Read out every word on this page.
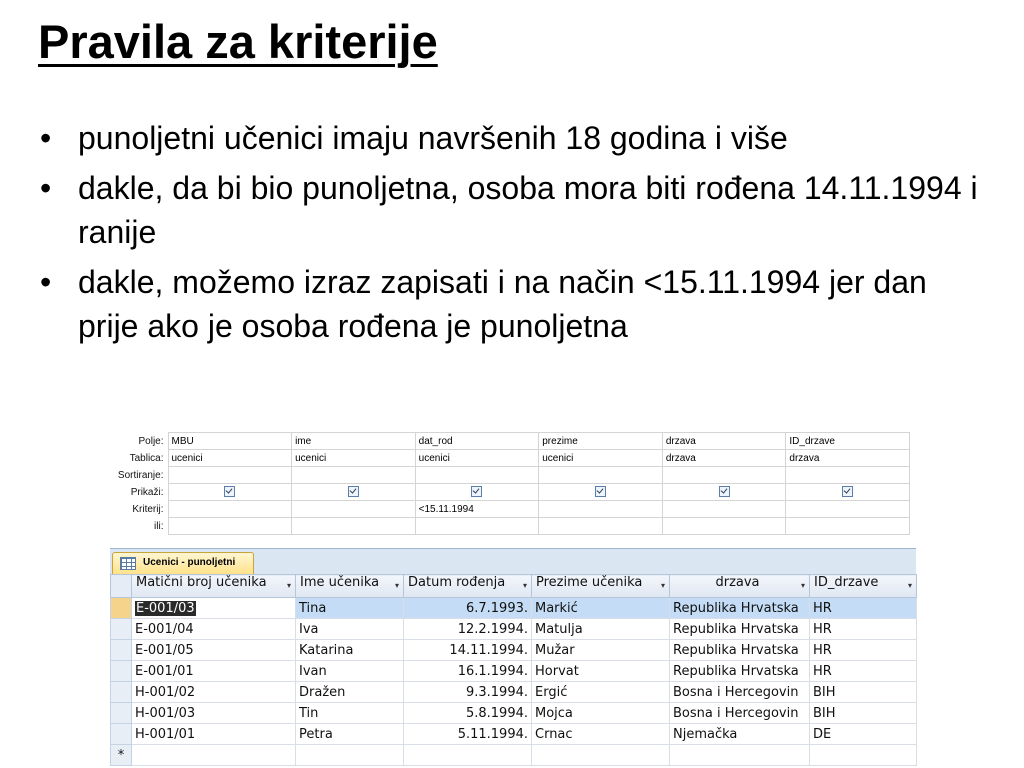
Pravila za kriterije
• punoljetni učenici imaju navršenih 18 godina i više
• dakle, da bi bio punoljetna, osoba mora biti rođena 14.11.1994 i ranije
• dakle, možemo izraz zapisati i na način <15.11.1994 jer dan prije ako je osoba rođena je punoljetna
Polje:	MBU	ime	dat_rod	prezime	drzava	ID_drzave
Tablica:	ucenici	ucenici	ucenici	ucenici	drzava	drzava
Sortiranje:						
Prikaži:						
Kriterij:			<15.11.1994			
ili:						
Ucenici - punoljetni
	Matični broj učenika ▾	Ime učenika ▾	Datum rođenja ▾	Prezime učenika ▾	drzava ▾	ID_drzave ▾

	E-001/03	Tina	6.7.1993.	Markić	Republika Hrvatska	HR
	E-001/04	Iva	12.2.1994.	Matulja	Republika Hrvatska	HR
	E-001/05	Katarina	14.11.1994.	Mužar	Republika Hrvatska	HR
	E-001/01	Ivan	16.1.1994.	Horvat	Republika Hrvatska	HR
	H-001/02	Dražen	9.3.1994.	Ergić	Bosna i Hercegovin	BIH
	H-001/03	Tin	5.8.1994.	Mojca	Bosna i Hercegovin	BIH
	H-001/01	Petra	5.11.1994.	Crnac	Njemačka	DE
*						
